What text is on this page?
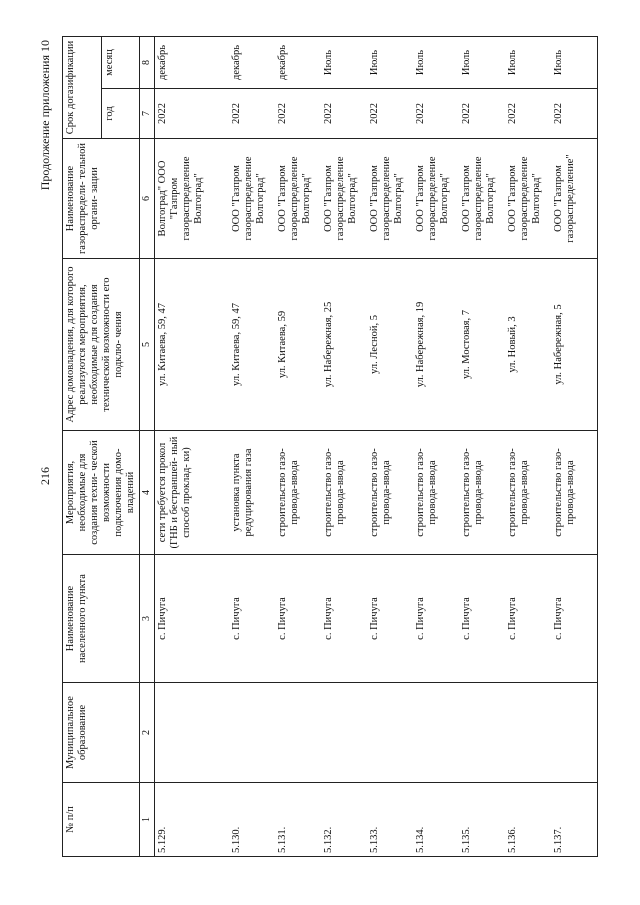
216
Продолжение приложения 10
№ п/п	Муниципальное образование	Наименование населенного пункта	Мероприятия, необходимые для создания техни- ческой возможности подключения домо- владений	Адрес домовладения, для которого реализуются мероприятия, необходимые для создания технической возможности его подклю- чения	Наименование газораспредели- тельной органи- зации	Срок догазификации	
						год	месяц
1	2	3	4	5	6	7	8
5.129.		с. Пичуга	сети требуется прокол (ГНБ и бестраншей- ный способ проклад- ки)	ул. Китаева, 59, 47	Волгоград" ООО "Газпром газораспределение Волгоград"	2022	декабрь
5.130.		с. Пичуга	установка пункта редуцирования газа	ул. Китаева, 59, 47	ООО "Газпром газораспределение Волгоград"	2022	декабрь
5.131.		с. Пичуга	строительство газо- провода-ввода	ул. Китаева, 59	ООО "Газпром газораспределение Волгоград"	2022	декабрь
5.132.		с. Пичуга	строительство газо- провода-ввода	ул. Набережная, 25	ООО "Газпром газораспределение Волгоград"	2022	Июль
5.133.		с. Пичуга	строительство газо- провода-ввода	ул. Лесной, 5	ООО "Газпром газораспределение Волгоград"	2022	Июль
5.134.		с. Пичуга	строительство газо- провода-ввода	ул. Набережная, 19	ООО "Газпром газораспределение Волгоград"	2022	Июль
5.135.		с. Пичуга	строительство газо- провода-ввода	ул. Мостовая, 7	ООО "Газпром газораспределение Волгоград"	2022	Июль
5.136.		с. Пичуга	строительство газо- провода-ввода	ул. Новый, 3	ООО "Газпром газораспределение Волгоград"	2022	Июль
5.137.		с. Пичуга	строительство газо- провода-ввода	ул. Набережная, 5	ООО "Газпром газораспределение"	2022	Июль
